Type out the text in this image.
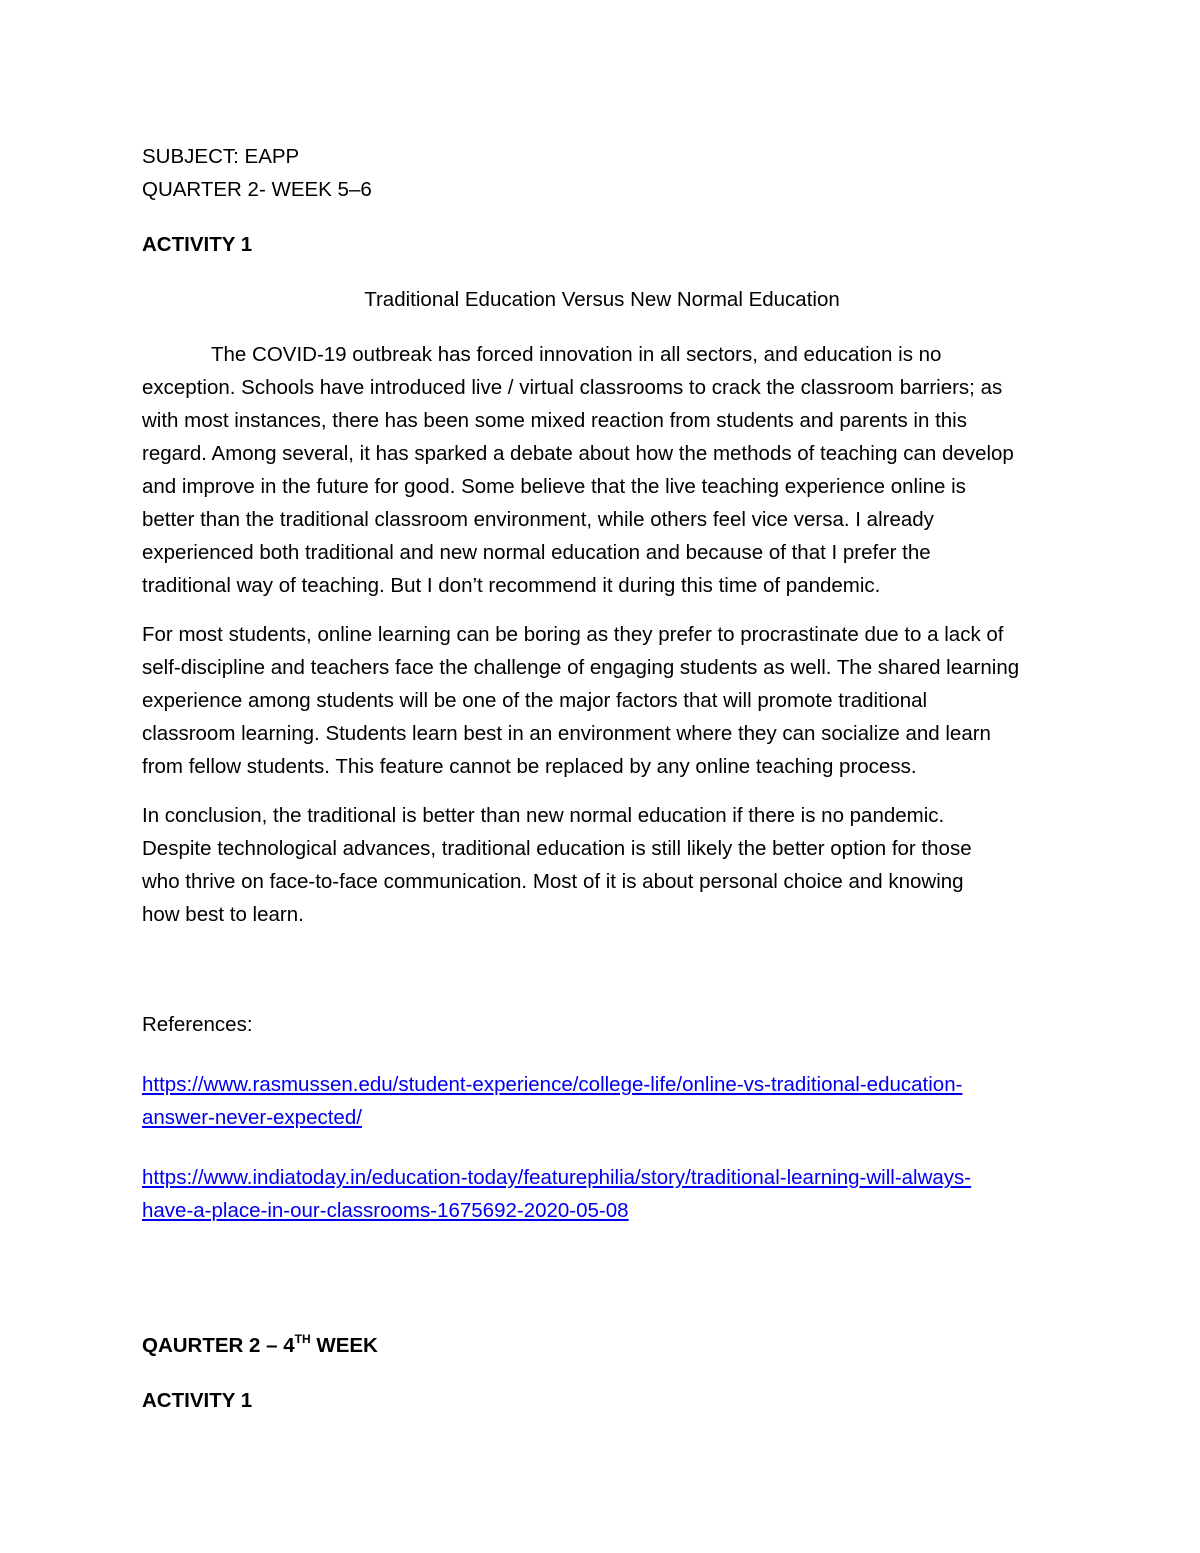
SUBJECT: EAPP

QUARTER 2- WEEK 5–6

ACTIVITY 1

Traditional Education Versus New Normal Education

The COVID-19 outbreak has forced innovation in all sectors, and education is no

exception. Schools have introduced live / virtual classrooms to crack the classroom barriers; as

with most instances, there has been some mixed reaction from students and parents in this

regard. Among several, it has sparked a debate about how the methods of teaching can develop

and improve in the future for good. Some believe that the live teaching experience online is

better than the traditional classroom environment, while others feel vice versa. I already

experienced both traditional and new normal education and because of that I prefer the

traditional way of teaching. But I don’t recommend it during this time of pandemic.

For most students, online learning can be boring as they prefer to procrastinate due to a lack of

self-discipline and teachers face the challenge of engaging students as well. The shared learning

experience among students will be one of the major factors that will promote traditional

classroom learning. Students learn best in an environment where they can socialize and learn

from fellow students. This feature cannot be replaced by any online teaching process.

In conclusion, the traditional is better than new normal education if there is no pandemic.

Despite technological advances, traditional education is still likely the better option for those

who thrive on face-to-face communication. Most of it is about personal choice and knowing

how best to learn.

References:

https://www.rasmussen.edu/student-experience/college-life/online-vs-traditional-education-
answer-never-expected/
https://www.indiatoday.in/education-today/featurephilia/story/traditional-learning-will-always-
have-a-place-in-our-classrooms-1675692-2020-05-08

QAURTER 2 – 4TH WEEK

ACTIVITY 1
